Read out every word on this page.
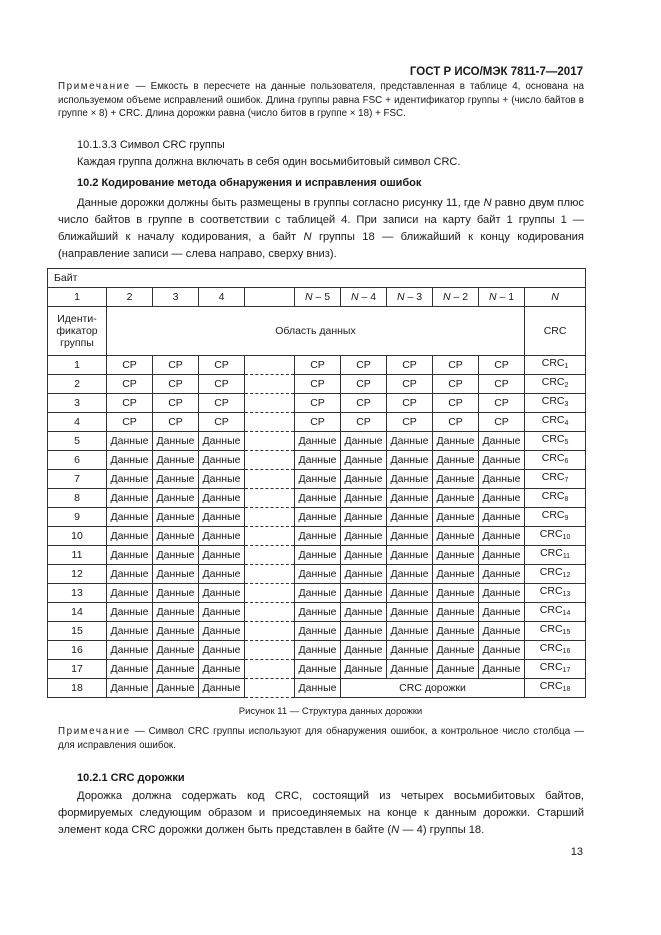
ГОСТ Р ИСО/МЭК 7811-7—2017
Примечание — Емкость в пересчете на данные пользователя, представленная в таблице 4, основана на используемом объеме исправлений ошибок. Длина группы равна FSC + идентификатор группы + (число байтов в группе × 8) + CRC. Длина дорожки равна (число битов в группе × 18) + FSC.
10.1.3.3 Символ CRC группы
Каждая группа должна включать в себя один восьмибитовый символ CRC.
10.2 Кодирование метода обнаружения и исправления ошибок
Данные дорожки должны быть размещены в группы согласно рисунку 11, где N равно двум плюс число байтов в группе в соответствии с таблицей 4. При записи на карту байт 1 группы 1 — ближайший к началу кодирования, а байт N группы 18 — ближайший к концу кодирования (направление записи — слева направо, сверху вниз).
Байт										
1	2	3	4		N – 5	N – 4	N – 3	N – 2	N – 1	N
Иденти-фикатор группы	Область данных									CRC
1	СР	СР	СР		СР	СР	СР	СР	СР	$CRC_1$
2	СР	СР	СР		СР	СР	СР	СР	СР	$CRC_2$
3	СР	СР	СР		СР	СР	СР	СР	СР	$CRC_3$
4	СР	СР	СР		СР	СР	СР	СР	СР	$CRC_4$
5	Данные	Данные	Данные		Данные	Данные	Данные	Данные	Данные	$CRC_5$
6	Данные	Данные	Данные		Данные	Данные	Данные	Данные	Данные	$CRC_6$
7	Данные	Данные	Данные		Данные	Данные	Данные	Данные	Данные	$CRC_7$
8	Данные	Данные	Данные		Данные	Данные	Данные	Данные	Данные	$CRC_8$
9	Данные	Данные	Данные		Данные	Данные	Данные	Данные	Данные	$CRC_9$
10	Данные	Данные	Данные		Данные	Данные	Данные	Данные	Данные	$CRC_{10}$
11	Данные	Данные	Данные		Данные	Данные	Данные	Данные	Данные	$CRC_{11}$
12	Данные	Данные	Данные		Данные	Данные	Данные	Данные	Данные	$CRC_{12}$
13	Данные	Данные	Данные		Данные	Данные	Данные	Данные	Данные	$CRC_{13}$
14	Данные	Данные	Данные		Данные	Данные	Данные	Данные	Данные	$CRC_{14}$
15	Данные	Данные	Данные		Данные	Данные	Данные	Данные	Данные	$CRC_{15}$
16	Данные	Данные	Данные		Данные	Данные	Данные	Данные	Данные	$CRC_{16}$
17	Данные	Данные	Данные		Данные	Данные	Данные	Данные	Данные	$CRC_{17}$
18	Данные	Данные	Данные		Данные	CRC дорожки				$CRC_{18}$
Рисунок 11 — Структура данных дорожки
Примечание — Символ CRC группы используют для обнаружения ошибок, а контрольное число столбца — для исправления ошибок.
10.2.1 CRC дорожки
Дорожка должна содержать код CRC, состоящий из четырех восьмибитовых байтов, формируемых следующим образом и присоединяемых на конце к данным дорожки. Старший элемент кода CRC дорожки должен быть представлен в байте (N — 4) группы 18.
13
